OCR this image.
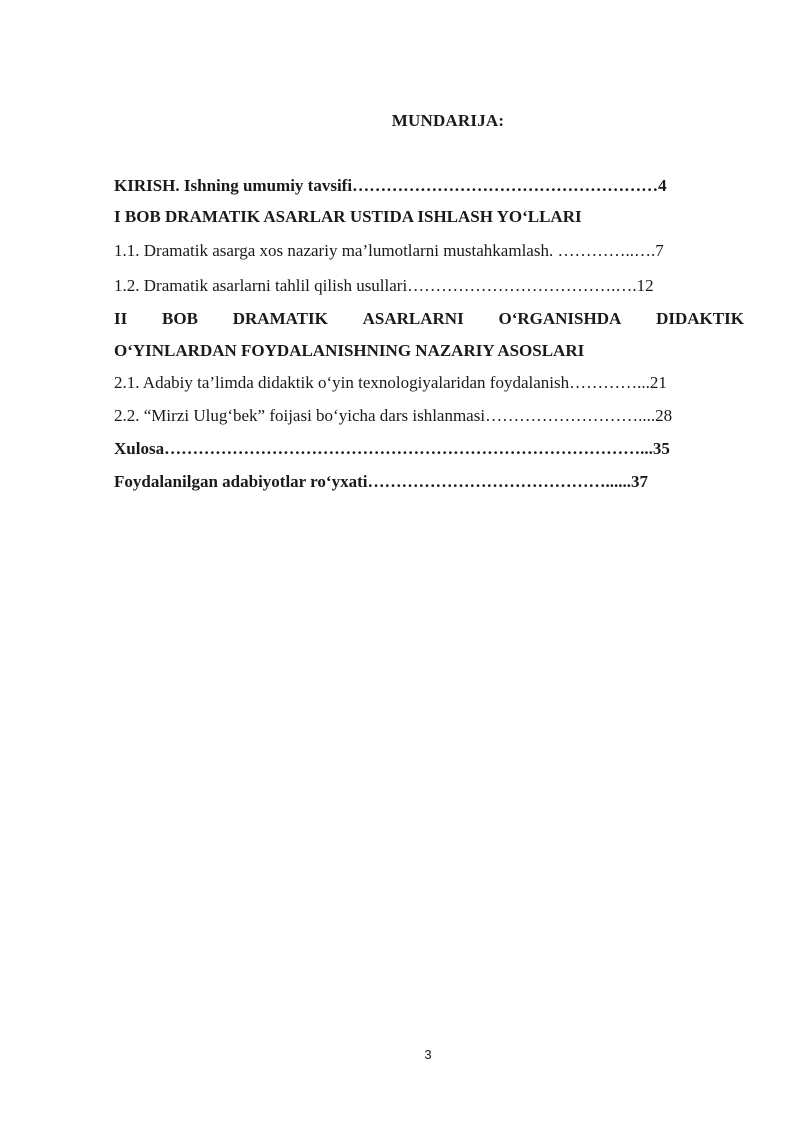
MUNDARIJA:
KIRISH. Ishning umumiy tavsifi………………………………………………4
I BOB DRAMATIK ASARLAR USTIDA ISHLASH YO‘LLARI
1.1. Dramatik asarga xos nazariy ma’lumotlarni mustahkamlash. …………..….7
1.2. Dramatik asarlarni tahlil qilish usullari……………………………….….12
II BOB DRAMATIK ASARLARNI O‘RGANISHDA DIDAKTIK
O‘YINLARDAN FOYDALANISHNING NAZARIY ASOSLARI
2.1. Adabiy ta’limda didaktik o‘yin texnologiyalaridan foydalanish…………...21
2.2. “Mirzi Ulug‘bek” foijasi bo‘yicha dars ishlanmasi………………………....28
Xulosa…………………………………………………………………………...35
Foydalanilgan adabiyotlar ro‘yxati……………………………………......37
3
